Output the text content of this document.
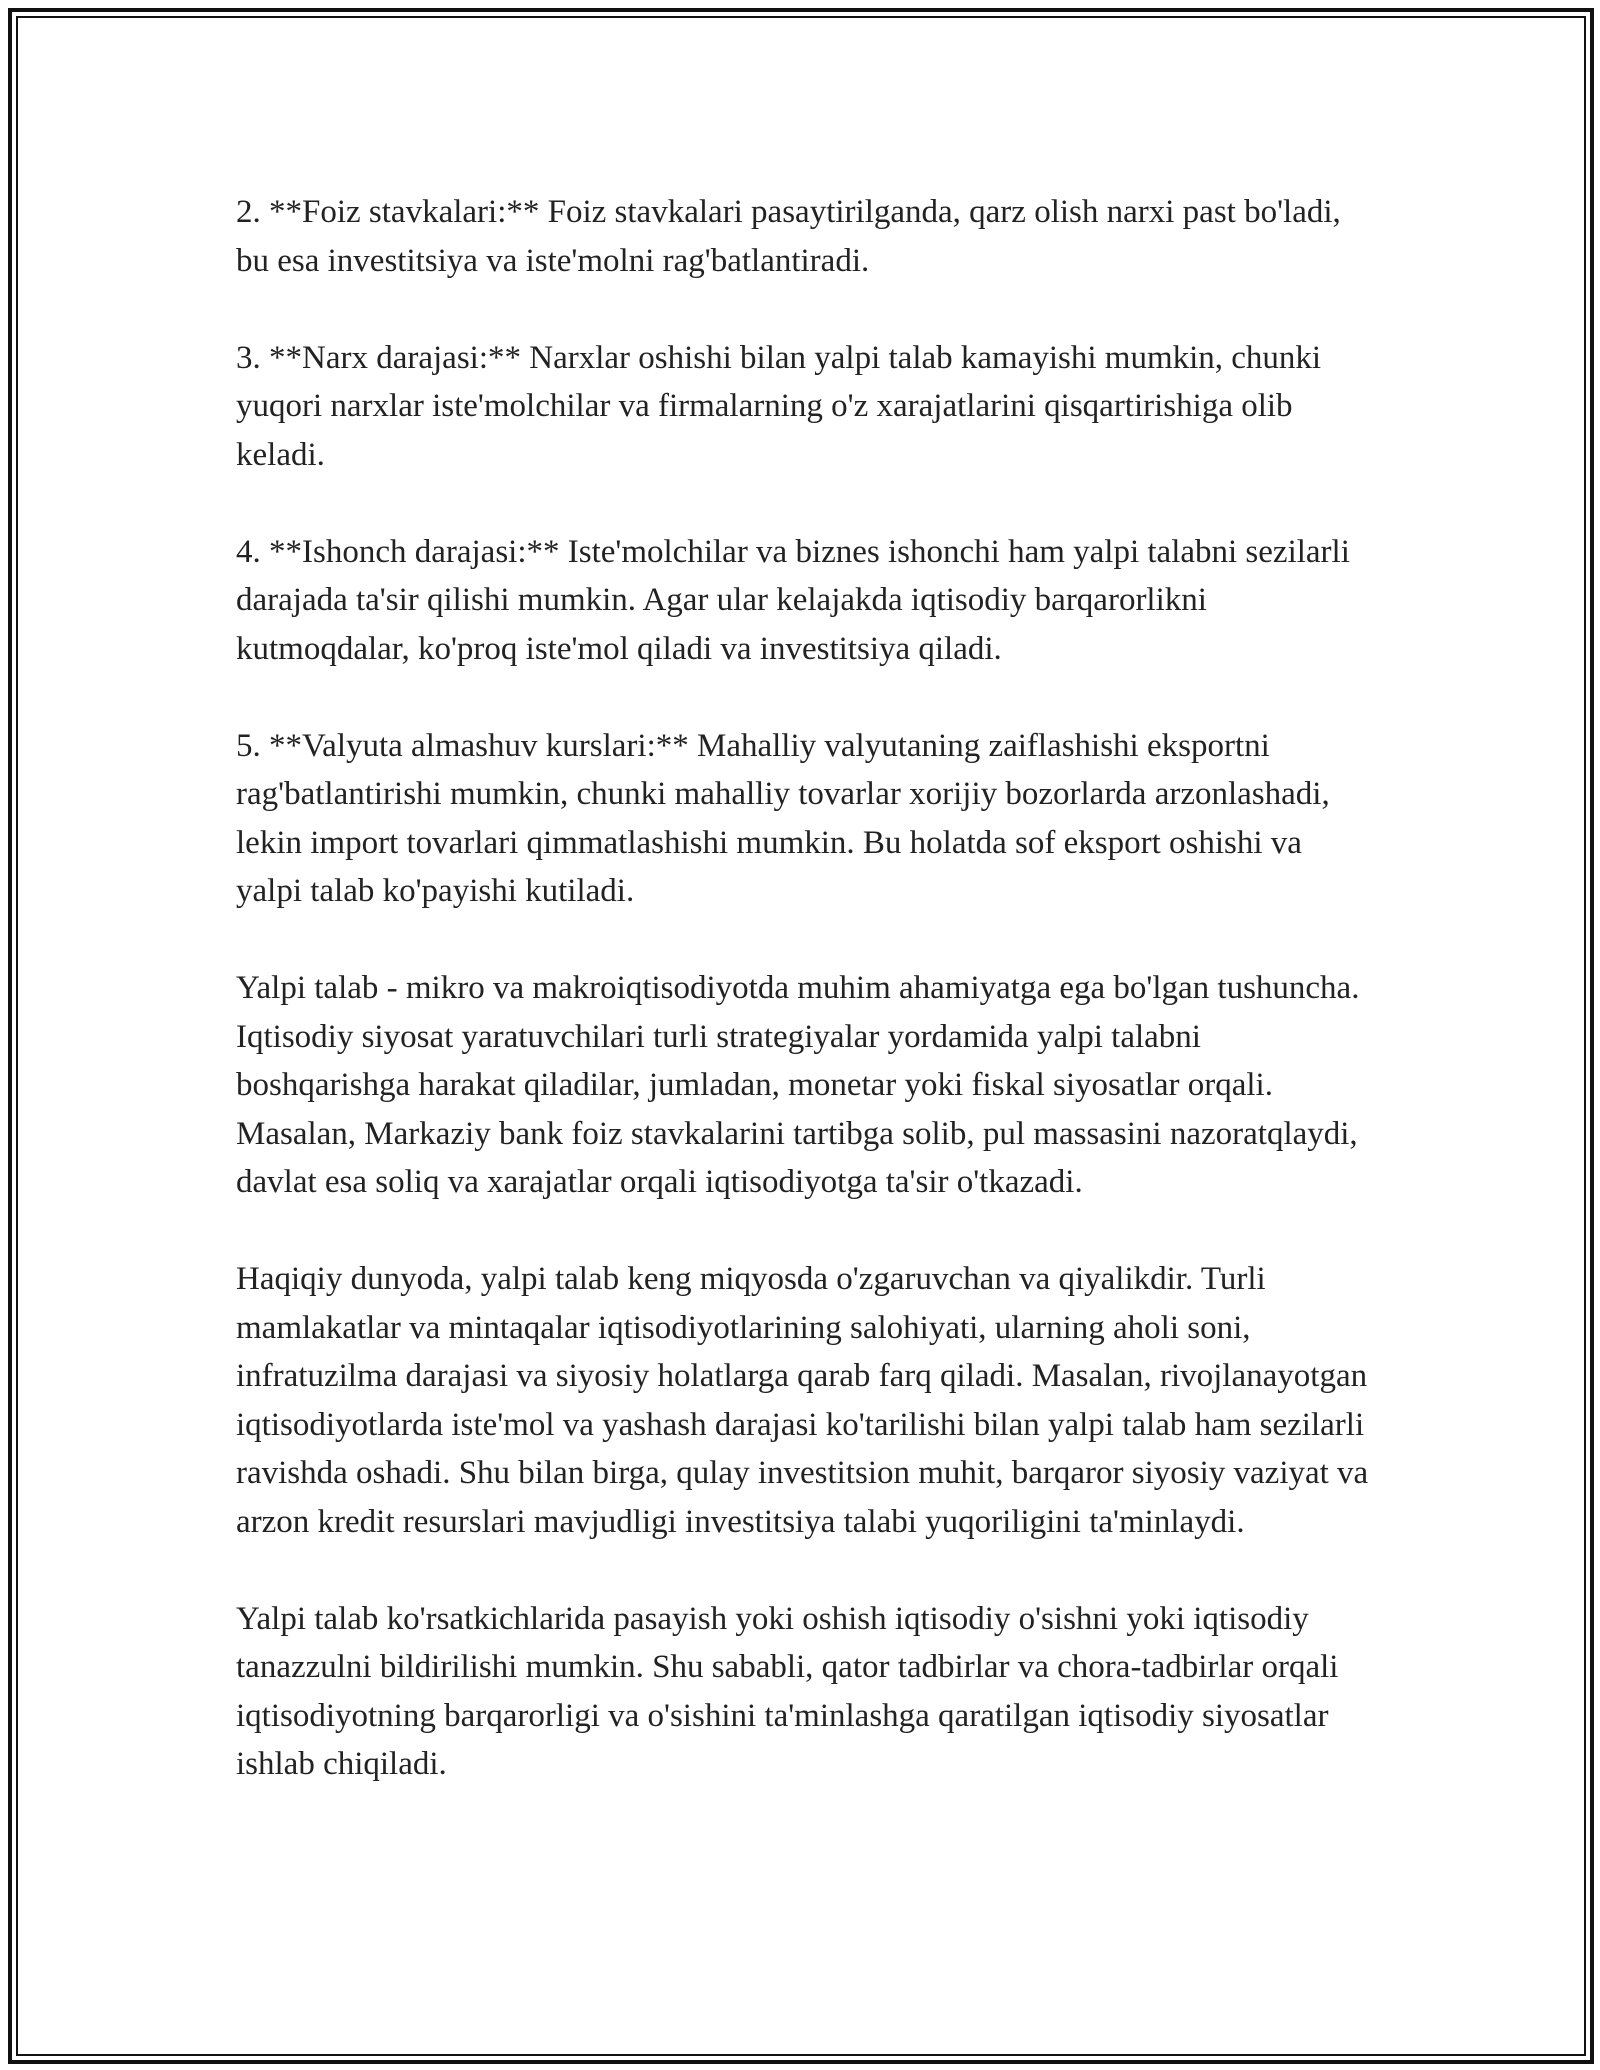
2. **Foiz stavkalari:** Foiz stavkalari pasaytirilganda, qarz olish narxi past bo'ladi, bu esa investitsiya va iste'molni rag'batlantiradi.

3. **Narx darajasi:** Narxlar oshishi bilan yalpi talab kamayishi mumkin, chunki yuqori narxlar iste'molchilar va firmalarning o'z xarajatlarini qisqartirishiga olib keladi.

4. **Ishonch darajasi:** Iste'molchilar va biznes ishonchi ham yalpi talabni sezilarli darajada ta'sir qilishi mumkin. Agar ular kelajakda iqtisodiy barqarorlikni kutmoqdalar, ko'proq iste'mol qiladi va investitsiya qiladi.

5. **Valyuta almashuv kurslari:** Mahalliy valyutaning zaiflashishi eksportni rag'batlantirishi mumkin, chunki mahalliy tovarlar xorijiy bozorlarda arzonlashadi, lekin import tovarlari qimmatlashishi mumkin. Bu holatda sof eksport oshishi va yalpi talab ko'payishi kutiladi.

Yalpi talab - mikro va makroiqtisodiyotda muhim ahamiyatga ega bo'lgan tushuncha. Iqtisodiy siyosat yaratuvchilari turli strategiyalar yordamida yalpi talabni boshqarishga harakat qiladilar, jumladan, monetar yoki fiskal siyosatlar orqali. Masalan, Markaziy bank foiz stavkalarini tartibga solib, pul massasini nazoratqlaydi, davlat esa soliq va xarajatlar orqali iqtisodiyotga ta'sir o'tkazadi.

Haqiqiy dunyoda, yalpi talab keng miqyosda o'zgaruvchan va qiyalikdir. Turli mamlakatlar va mintaqalar iqtisodiyotlarining salohiyati, ularning aholi soni, infratuzilma darajasi va siyosiy holatlarga qarab farq qiladi. Masalan, rivojlanayotgan iqtisodiyotlarda iste'mol va yashash darajasi ko'tarilishi bilan yalpi talab ham sezilarli ravishda oshadi. Shu bilan birga, qulay investitsion muhit, barqaror siyosiy vaziyat va arzon kredit resurslari mavjudligi investitsiya talabi yuqoriligini ta'minlaydi.

Yalpi talab ko'rsatkichlarida pasayish yoki oshish iqtisodiy o'sishni yoki iqtisodiy tanazzulni bildirilishi mumkin. Shu sababli, qator tadbirlar va chora-tadbirlar orqali iqtisodiyotning barqarorligi va o'sishini ta'minlashga qaratilgan iqtisodiy siyosatlar ishlab chiqiladi.
